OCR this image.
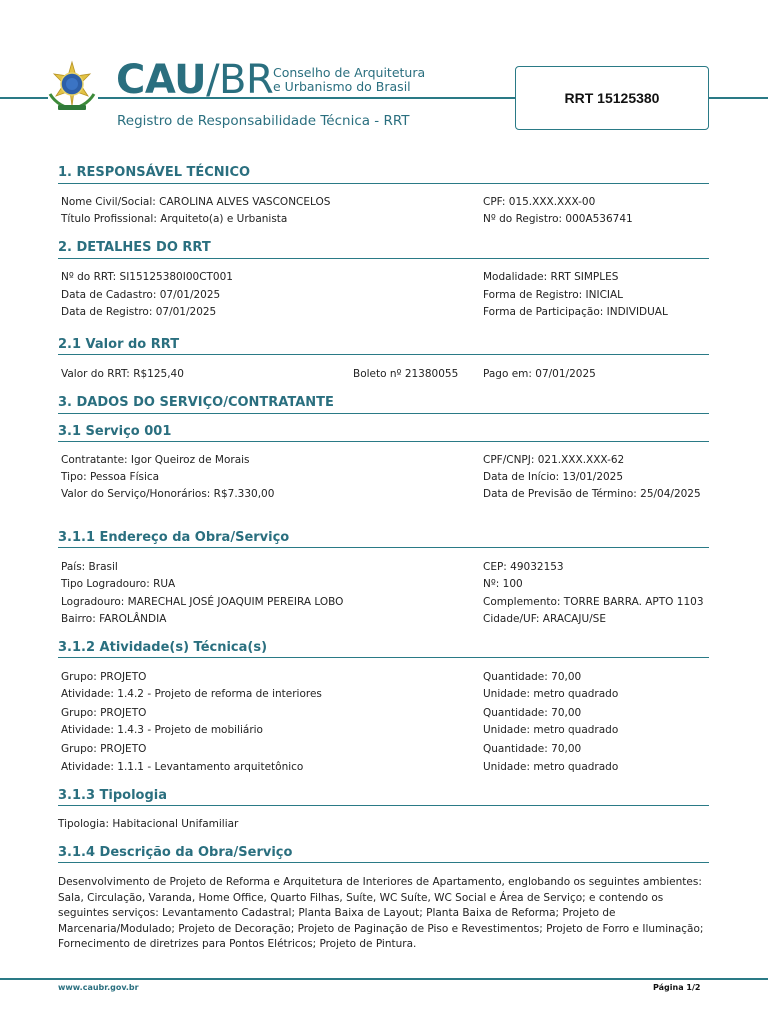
CAU/BR Conselho de Arquitetura
e Urbanismo do Brasil
Registro de Responsabilidade Técnica - RRT
RRT 15125380
1. RESPONSÁVEL TÉCNICO
Nome Civil/Social: CAROLINA ALVES VASCONCELOS
Título Profissional: Arquiteto(a) e Urbanista
CPF: 015.XXX.XXX-00
Nº do Registro: 000A536741
2. DETALHES DO RRT
Nº do RRT: SI15125380I00CT001
Data de Cadastro: 07/01/2025
Data de Registro: 07/01/2025
Modalidade: RRT SIMPLES
Forma de Registro: INICIAL
Forma de Participação: INDIVIDUAL
2.1 Valor do RRT
Valor do RRT: R$125,40	Boleto nº 21380055 Pago em: 07/01/2025
3. DADOS DO SERVIÇO/CONTRATANTE
3.1 Serviço 001
Contratante: Igor Queiroz de Morais
Tipo: Pessoa Física
Valor do Serviço/Honorários: R$7.330,00
CPF/CNPJ: 021.XXX.XXX-62
Data de Início: 13/01/2025
Data de Previsão de Término: 25/04/2025
3.1.1 Endereço da Obra/Serviço
País: Brasil
Tipo Logradouro: RUA
Logradouro: MARECHAL JOSÉ JOAQUIM PEREIRA LOBO
Bairro: FAROLÂNDIA
CEP: 49032153
Nº: 100
Complemento: TORRE BARRA. APTO 1103
Cidade/UF: ARACAJU/SE
3.1.2 Atividade(s) Técnica(s)
Grupo: PROJETO
Atividade: 1.4.2 - Projeto de reforma de interiores
Quantidade: 70,00
Unidade: metro quadrado
Grupo: PROJETO
Atividade: 1.4.3 - Projeto de mobiliário
Quantidade: 70,00
Unidade: metro quadrado
Grupo: PROJETO
Atividade: 1.1.1 - Levantamento arquitetônico
Quantidade: 70,00
Unidade: metro quadrado
3.1.3 Tipologia
Tipologia: Habitacional Unifamiliar
3.1.4 Descrição da Obra/Serviço
Desenvolvimento de Projeto de Reforma e Arquitetura de Interiores de Apartamento, englobando os seguintes ambientes: Sala, Circulação, Varanda, Home Office, Quarto Filhas, Suíte, WC Suíte, WC Social e Área de Serviço; e contendo os seguintes serviços: Levantamento Cadastral; Planta Baixa de Layout; Planta Baixa de Reforma; Projeto de Marcenaria/Modulado; Projeto de Decoração; Projeto de Paginação de Piso e Revestimentos; Projeto de Forro e Iluminação; Fornecimento de diretrizes para Pontos Elétricos; Projeto de Pintura.
www.caubr.gov.br	Página 1/2
